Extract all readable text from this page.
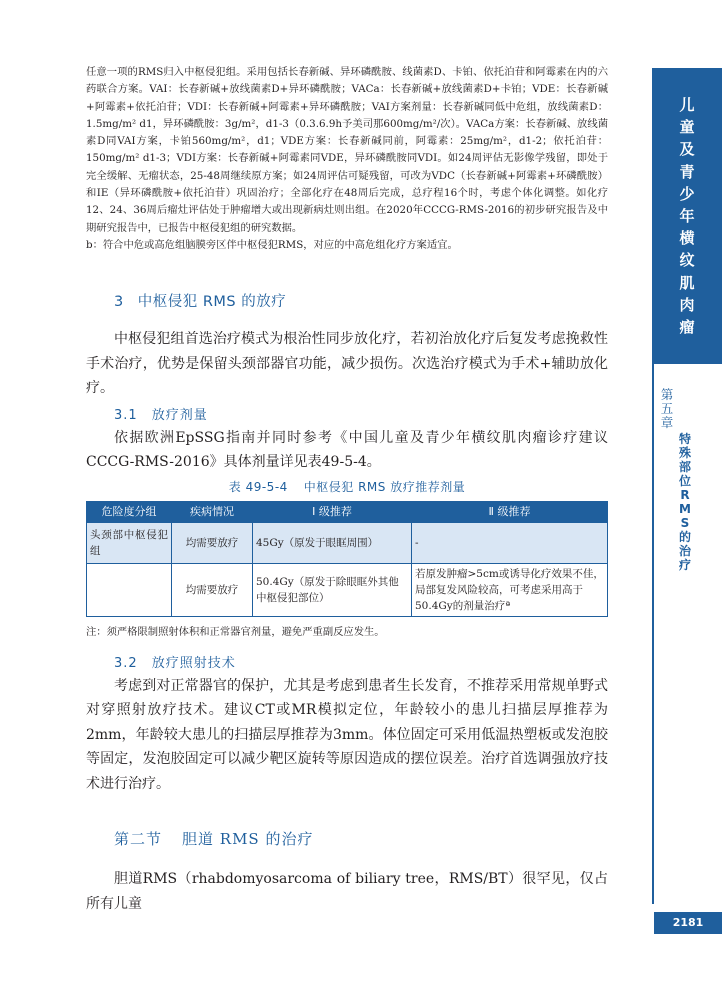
任意一项的RMS归入中枢侵犯组。采用包括长春新碱、异环磷酰胺、线菌素D、卡铂、依托泊苷和阿霉素在内的六药联合方案。VAI：长春新碱+放线菌素D+异环磷酰胺；VACa：长春新碱+放线菌素D+卡铂；VDE：长春新碱+阿霉素+依托泊苷；VDI：长春新碱+阿霉素+异环磷酰胺；VAI方案剂量：长春新碱同低中危组，放线菌素D：1.5mg/m² d1，异环磷酰胺：3g/m²，d1-3（0.3.6.9h予美司那600mg/m²/次）。VACa方案：长春新碱、放线菌素D同VAI方案，卡铂560mg/m²，d1；VDE方案：长春新碱同前，阿霉素：25mg/m²，d1-2；依托泊苷：150mg/m² d1-3；VDI方案：长春新碱+阿霉素同VDE，异环磷酰胺同VDI。如24周评估无影像学残留，即处于完全缓解、无瘤状态，25-48周继续原方案；如24周评估可疑残留，可改为VDC（长春新碱+阿霉素+环磷酰胺）和IE（异环磷酰胺+依托泊苷）巩固治疗；全部化疗在48周后完成，总疗程16个时，考虑个体化调整。如化疗12、24、36周后瘤灶评估处于肿瘤增大或出现新病灶则出组。在2020年CCCG-RMS-2016的初步研究报告及中期研究报告中，已报告中枢侵犯组的研究数据。

b：符合中危或高危组脑膜旁区伴中枢侵犯RMS，对应的中高危组化疗方案适宜。

3 中枢侵犯 RMS 的放疗

中枢侵犯组首选治疗模式为根治性同步放化疗，若初治放化疗后复发考虑挽救性手术治疗，优势是保留头颈部器官功能，减少损伤。次选治疗模式为手术+辅助放化疗。

3.1 放疗剂量

依据欧洲EpSSG指南并同时参考《中国儿童及青少年横纹肌肉瘤诊疗建议CCCG-RMS-2016》具体剂量详见表49-5-4。

表 49-5-4 中枢侵犯 RMS 放疗推荐剂量
危险度分组	疾病情况	Ⅰ 级推荐	Ⅱ 级推荐
头颈部中枢侵犯组	均需要放疗	45Gy（原发于眼眶周围）	-
	均需要放疗	50.4Gy（原发于除眼眶外其他中枢侵犯部位）	若原发肿瘤>5cm或诱导化疗效果不佳，局部复发风险较高，可考虑采用高于50.4Gy的剂量治疗ª

注：须严格限制照射体积和正常器官剂量，避免严重副反应发生。

3.2 放疗照射技术

考虑到对正常器官的保护，尤其是考虑到患者生长发育，不推荐采用常规单野式对穿照射放疗技术。建议CT或MR模拟定位，年龄较小的患儿扫描层厚推荐为2mm，年龄较大患儿的扫描层厚推荐为3mm。体位固定可采用低温热塑板或发泡胶等固定，发泡胶固定可以减少靶区旋转等原因造成的摆位误差。治疗首选调强放疗技术进行治疗。

第二节 胆道 RMS 的治疗

胆道RMS（rhabdomyosarcoma of biliary tree，RMS/BT）很罕见，仅占所有儿童

儿童及青少年横纹肌肉瘤
第五章
特殊部位RMS的治疗
2181
